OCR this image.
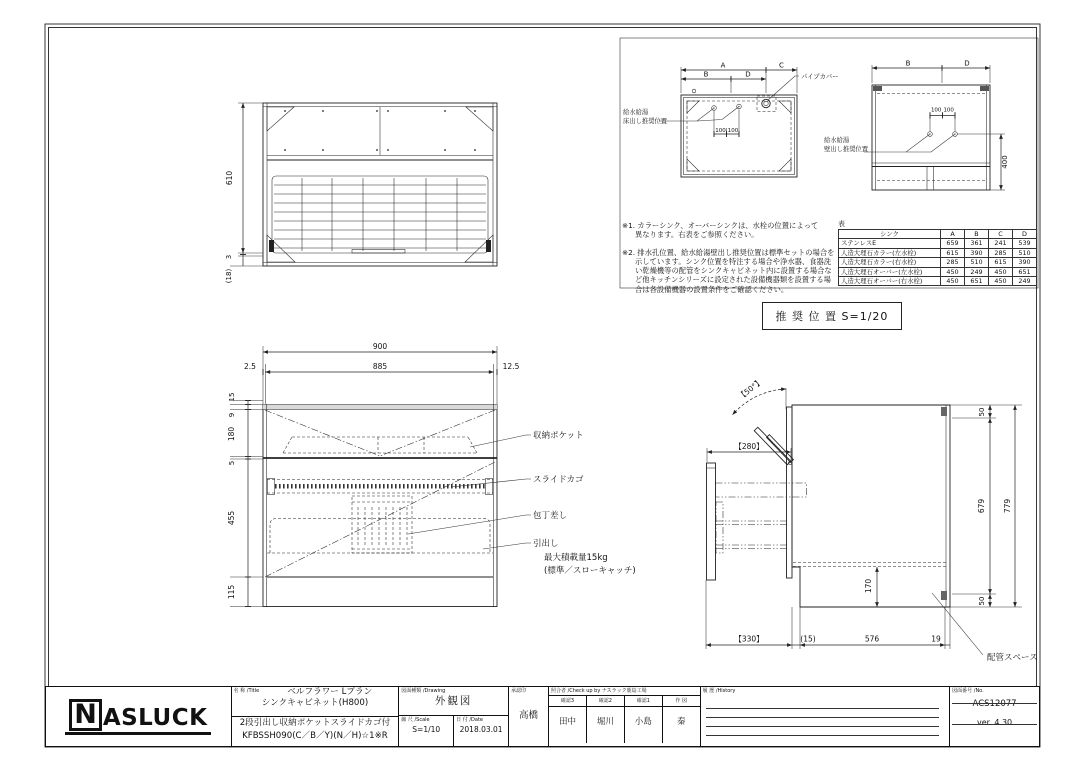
610
3
(18)
900
2.5	885	12.5
収納ポケット
スライドカゴ
包丁差し
引出し
最大積載量15kg
(標準／スローキャッチ)
15
9
180
5
455
115
【50°】
【280】
50
679
50
779
170
【330】	(15)	576	19
配管スペース
給水給湯
床出し推奨位置
100 100
A	C
B	D	パイプカバー
100 100
給水給湯
壁出し推奨位置
400
B	D
※1. カラーシンク、オーバーシンクは、水栓の位置によって
異なります。右表をご参照ください。
※2. 排水孔位置、給水給湯壁出し推奨位置は標準セットの場合を
示しています。シンク位置を特注する場合や浄水器、食器洗
い乾燥機等の配管をシンクキャビネット内に設置する場合な
ど他キッチンシリーズに設定された設備機器類を設置する場
合は各設備機器の設置条件をご確認ください。
表
シンク	A	B	C	D
ステンレスE	659	361	241	539
人造大理石カラー(左水栓)	615	390	285	510
人造大理石カラー(右水栓)	285	510	615	390
人造大理石オーバー(左水栓)	450	249	450	651
人造大理石オーバー(右水栓)	450	651	450	249
推 奨 位 置 S=1/20
N ASLUCK
名 称 /Title	ベルフラワー Lプラン
シンクキャビネット(H800)
2段引出し収納ポケットスライドカゴ付
KFBSSH090(C／B／Y)(N／H)☆1※R
図面種類 /Drawing
外観図
縮 尺 /Scale
S=1/10
日 付 /Date
2018.03.01
承認印
高橋
照合者 /Check up by ナスラック鹿島工場
確認3
田中
確認2
堀川
確認1
小島
作 図
秦
履 歴 /History	図面番号 /No.
ACS12077
ver. 4.30
